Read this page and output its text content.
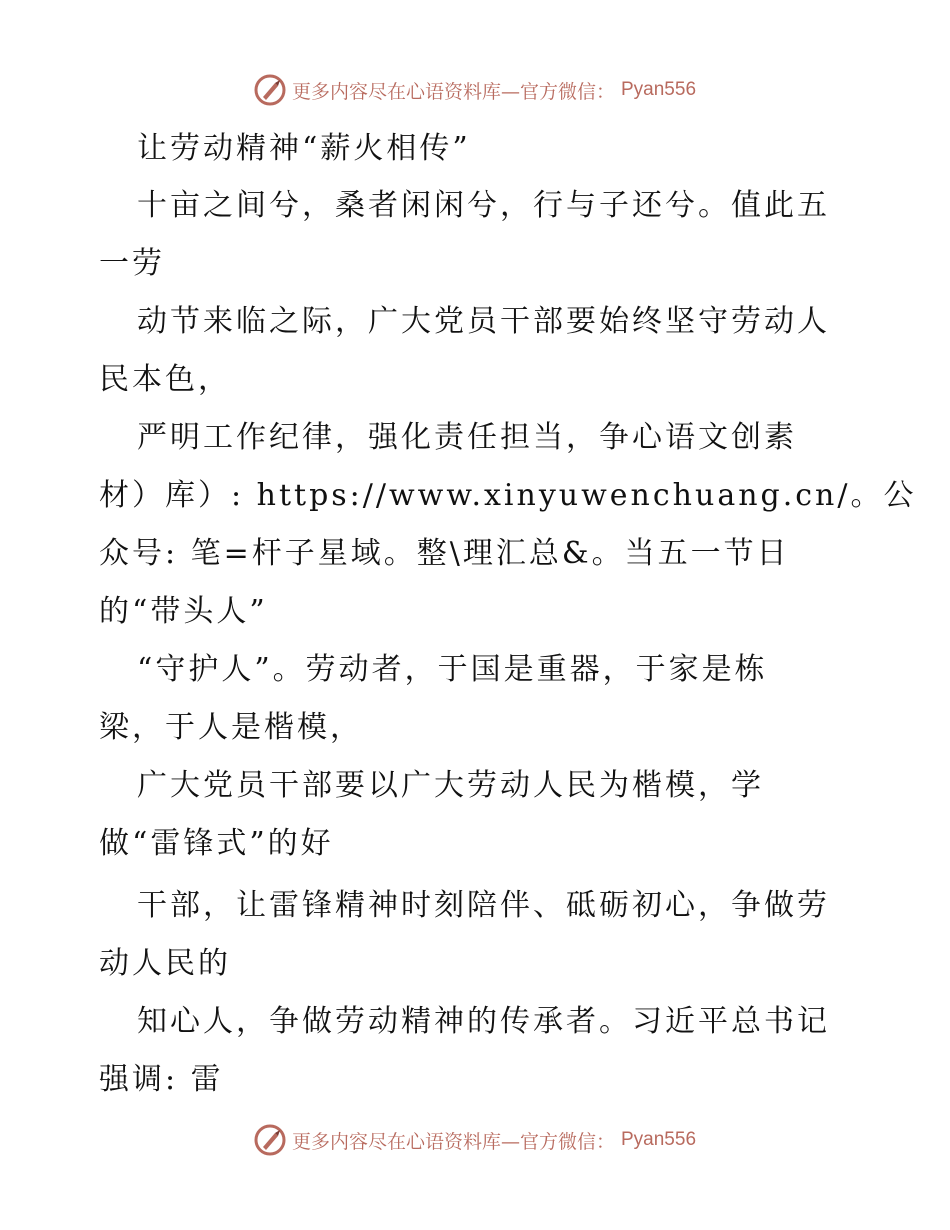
更多内容尽在心语资料库—官方微信： Pyan556
让劳动精神“薪火相传”
十亩之间兮，桑者闲闲兮，行与子还兮。值此五
一劳
动节来临之际，广大党员干部要始终坚守劳动人
民本色，
严明工作纪律，强化责任担当，争心语文创素
材）库）: https://www.xinyuwenchuang.cn/。公
众号: 笔=杆子星域。整\理汇总&。当五一节日
的“带头人”
“守护人”。劳动者，于国是重器，于家是栋
梁，于人是楷模，
广大党员干部要以广大劳动人民为楷模，学
做“雷锋式”的好
干部，让雷锋精神时刻陪伴、砥砺初心，争做劳
动人民的
知心人，争做劳动精神的传承者。习近平总书记
强调: 雷
更多内容尽在心语资料库—官方微信： Pyan556
